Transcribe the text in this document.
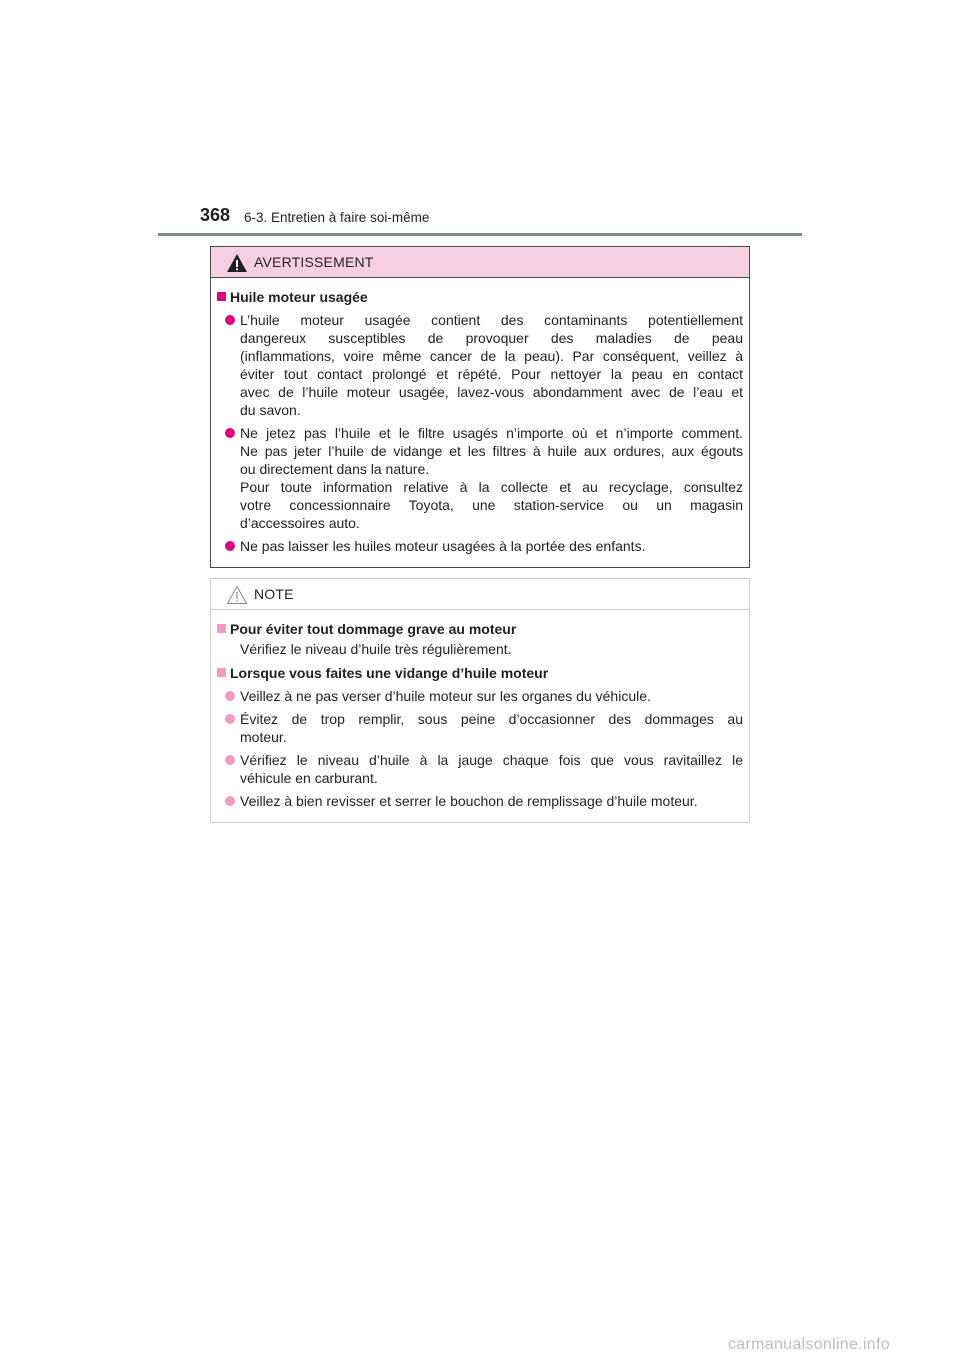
368 6-3. Entretien à faire soi-même
AVERTISSEMENT
Huile moteur usagée
L’huile moteur usagée contient des contaminants potentiellement
dangereux susceptibles de provoquer des maladies de peau
(inflammations, voire même cancer de la peau). Par conséquent, veillez à
éviter tout contact prolongé et répété. Pour nettoyer la peau en contact
avec de l’huile moteur usagée, lavez-vous abondamment avec de l’eau et
du savon.
Ne jetez pas l’huile et le filtre usagés n’importe où et n’importe comment.
Ne pas jeter l’huile de vidange et les filtres à huile aux ordures, aux égouts
ou directement dans la nature.
Pour toute information relative à la collecte et au recyclage, consultez
votre concessionnaire Toyota, une station-service ou un magasin
d’accessoires auto.
Ne pas laisser les huiles moteur usagées à la portée des enfants.
NOTE
Pour éviter tout dommage grave au moteur
Vérifiez le niveau d’huile très régulièrement.
Lorsque vous faites une vidange d’huile moteur
Veillez à ne pas verser d’huile moteur sur les organes du véhicule.
Évitez de trop remplir, sous peine d’occasionner des dommages au
moteur.
Vérifiez le niveau d’huile à la jauge chaque fois que vous ravitaillez le
véhicule en carburant.
Veillez à bien revisser et serrer le bouchon de remplissage d’huile moteur.
carmanualsonline.info
